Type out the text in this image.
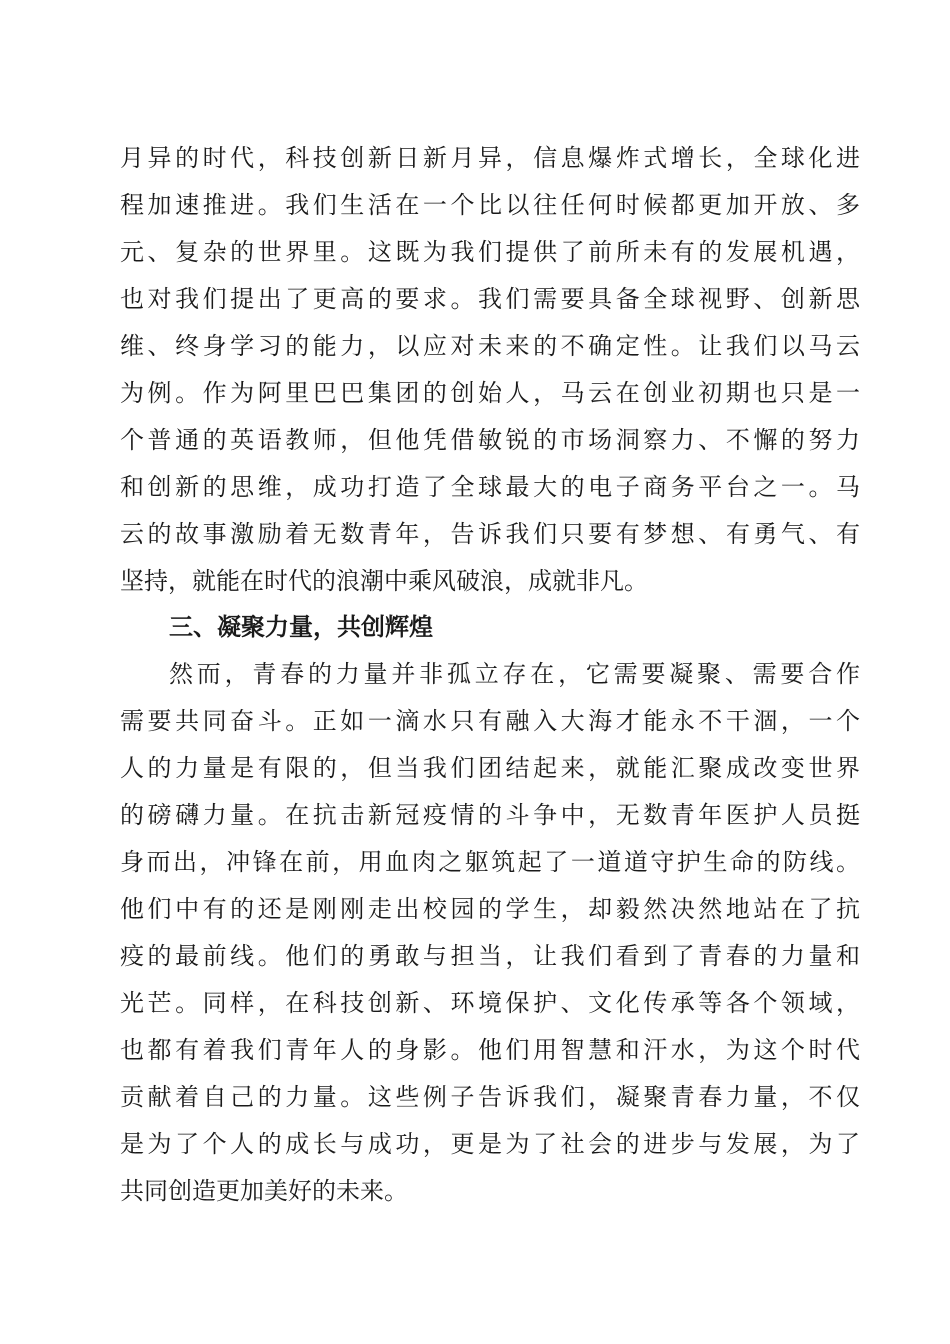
月异的时代，科技创新日新月异，信息爆炸式增长，全球化进

程加速推进。我们生活在一个比以往任何时候都更加开放、多

元、复杂的世界里。这既为我们提供了前所未有的发展机遇，

也对我们提出了更高的要求。我们需要具备全球视野、创新思

维、终身学习的能力，以应对未来的不确定性。让我们以马云

为例。作为阿里巴巴集团的创始人，马云在创业初期也只是一

个普通的英语教师，但他凭借敏锐的市场洞察力、不懈的努力

和创新的思维，成功打造了全球最大的电子商务平台之一。马

云的故事激励着无数青年，告诉我们只要有梦想、有勇气、有

坚持，就能在时代的浪潮中乘风破浪，成就非凡。

三、凝聚力量，共创辉煌

然而，青春的力量并非孤立存在，它需要凝聚、需要合作

需要共同奋斗。正如一滴水只有融入大海才能永不干涸，一个

人的力量是有限的，但当我们团结起来，就能汇聚成改变世界

的磅礴力量。在抗击新冠疫情的斗争中，无数青年医护人员挺

身而出，冲锋在前，用血肉之躯筑起了一道道守护生命的防线。

他们中有的还是刚刚走出校园的学生，却毅然决然地站在了抗

疫的最前线。他们的勇敢与担当，让我们看到了青春的力量和

光芒。同样，在科技创新、环境保护、文化传承等各个领域，

也都有着我们青年人的身影。他们用智慧和汗水，为这个时代

贡献着自己的力量。这些例子告诉我们，凝聚青春力量，不仅

是为了个人的成长与成功，更是为了社会的进步与发展，为了

共同创造更加美好的未来。
